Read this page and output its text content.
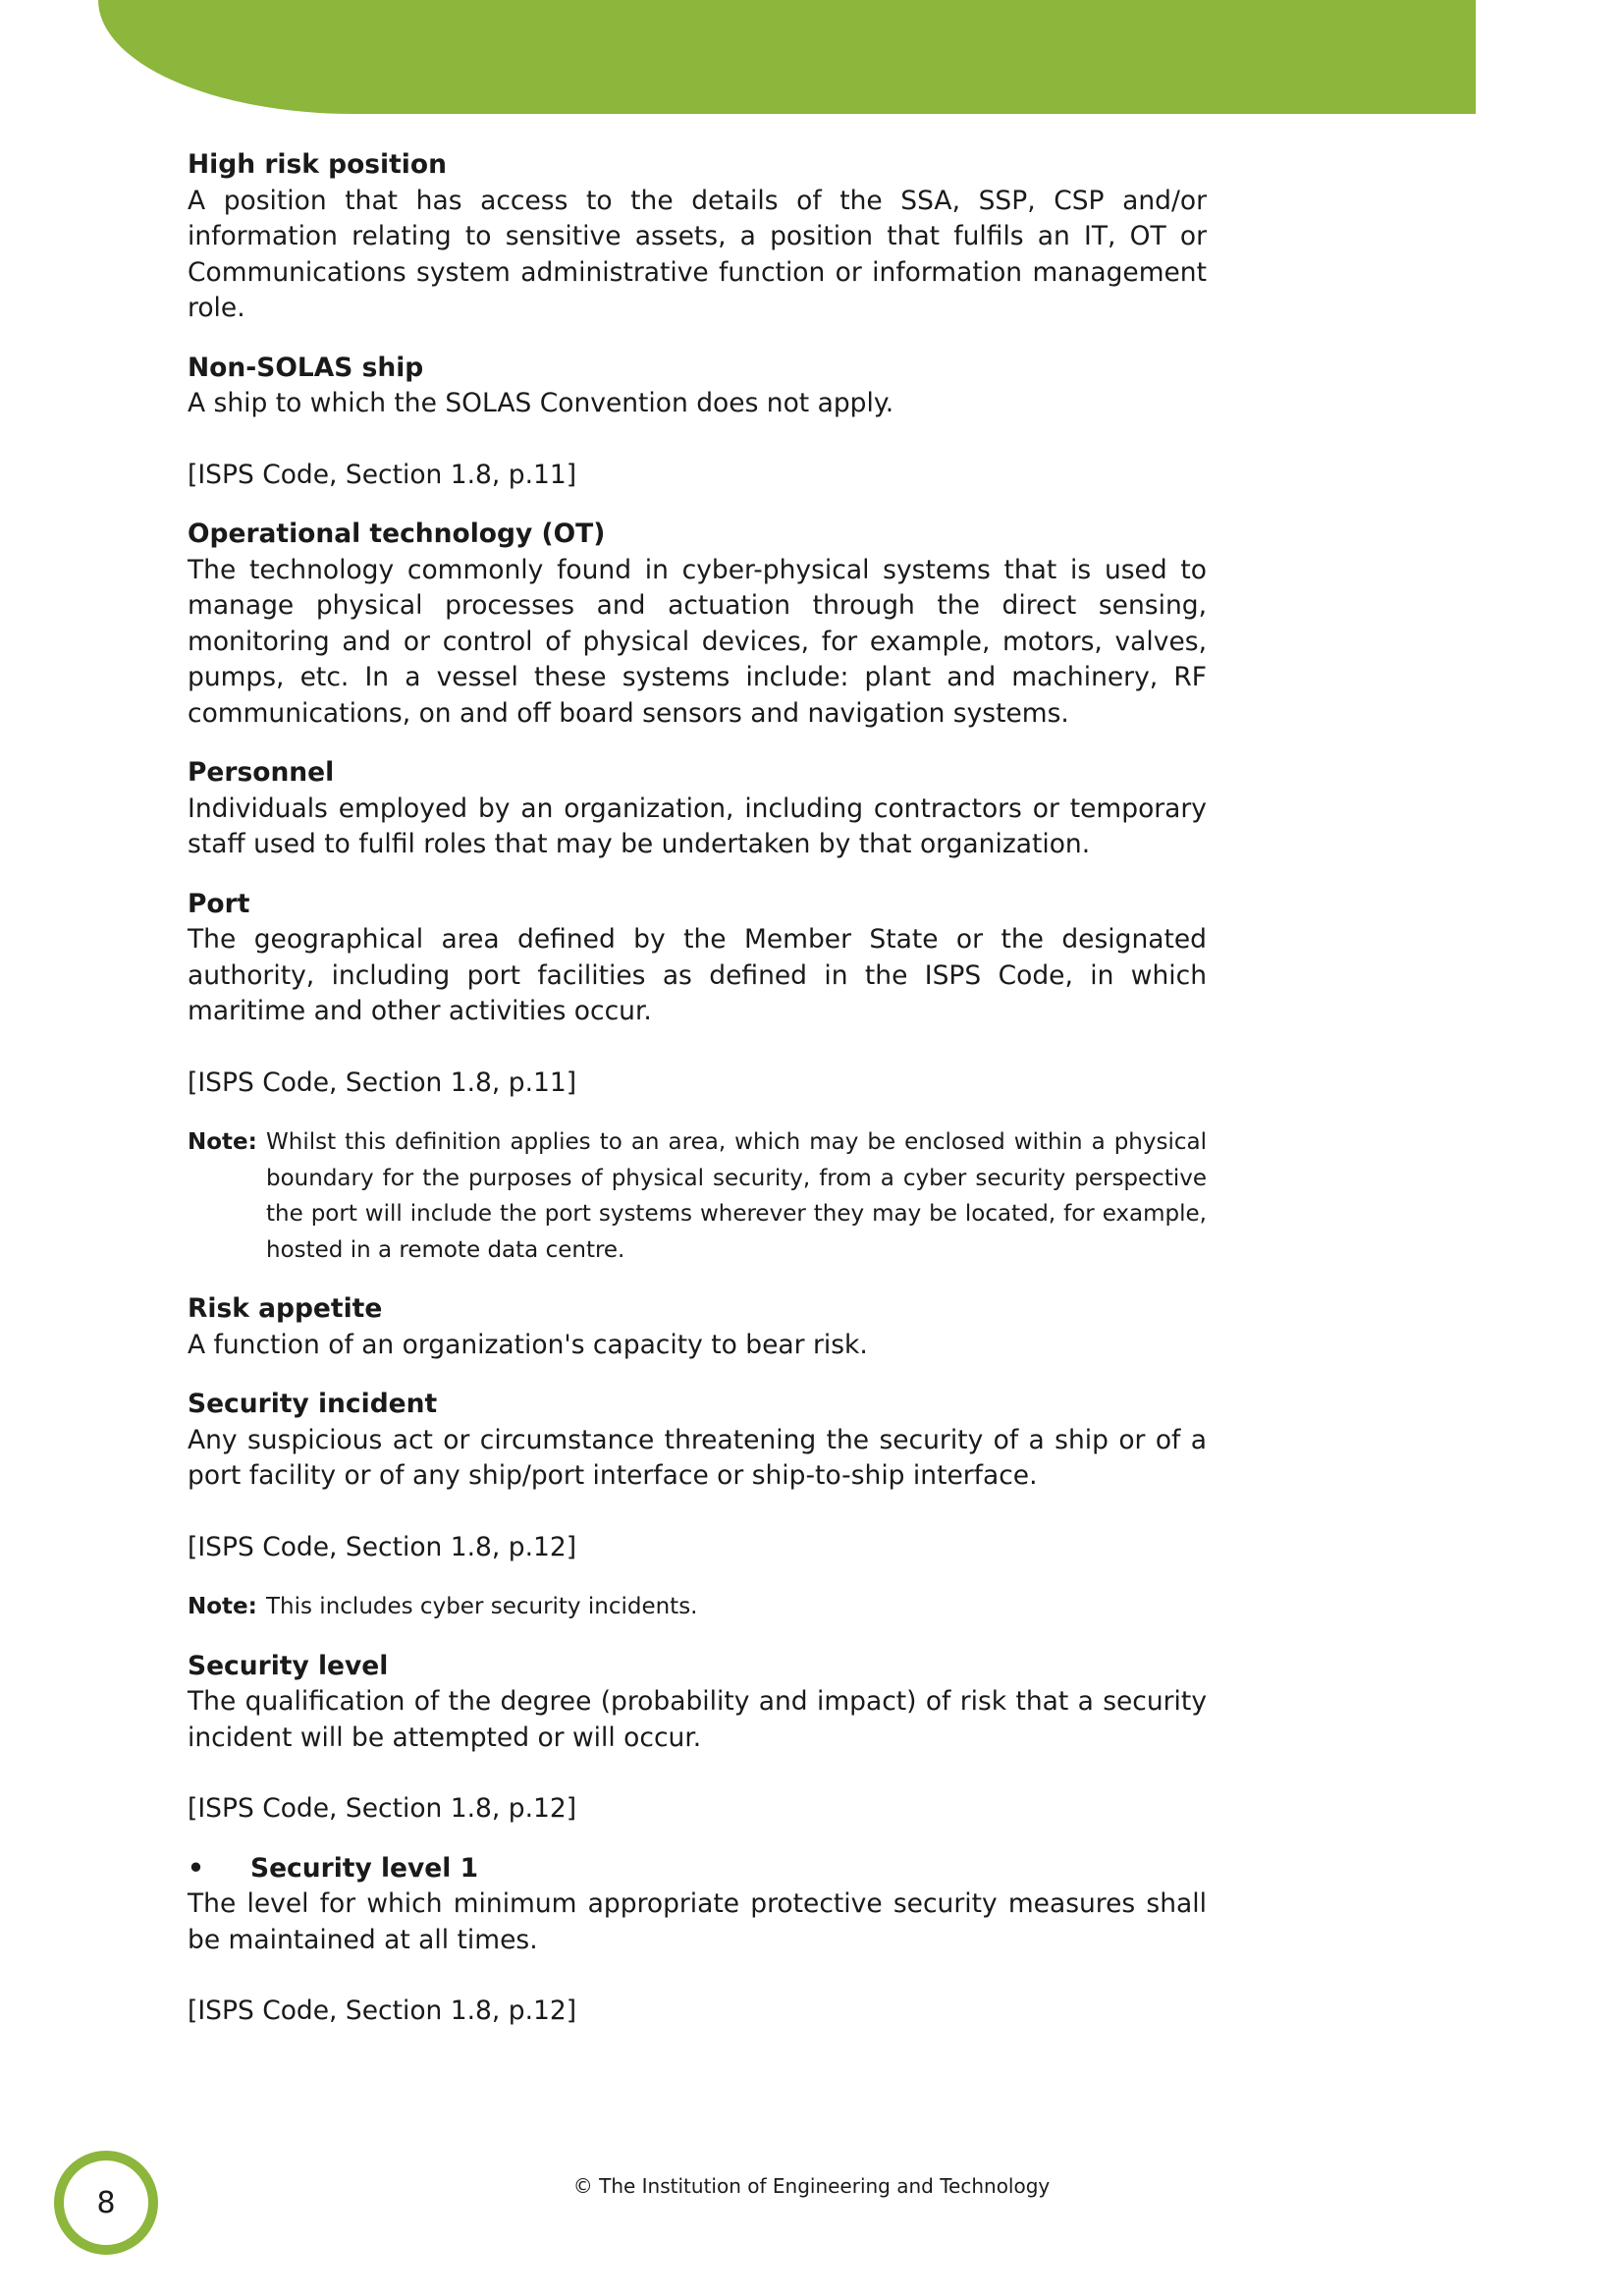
High risk position
A position that has access to the details of the SSA, SSP, CSP and/or information relating to sensitive assets, a position that fulfils an IT, OT or Communications system administrative function or information management role.
Non-SOLAS ship
A ship to which the SOLAS Convention does not apply.
[ISPS Code, Section 1.8, p.11]
Operational technology (OT)
The technology commonly found in cyber-physical systems that is used to manage physical processes and actuation through the direct sensing, monitoring and or control of physical devices, for example, motors, valves, pumps, etc. In a vessel these systems include: plant and machinery, RF communications, on and off board sensors and navigation systems.
Personnel
Individuals employed by an organization, including contractors or temporary staff used to fulfil roles that may be undertaken by that organization.
Port
The geographical area defined by the Member State or the designated authority, including port facilities as defined in the ISPS Code, in which maritime and other activities occur.
[ISPS Code, Section 1.8, p.11]
Note: Whilst this definition applies to an area, which may be enclosed within a physical boundary for the purposes of physical security, from a cyber security perspective the port will include the port systems wherever they may be located, for example, hosted in a remote data centre.
Risk appetite
A function of an organization's capacity to bear risk.
Security incident
Any suspicious act or circumstance threatening the security of a ship or of a port facility or of any ship/port interface or ship-to-ship interface.
[ISPS Code, Section 1.8, p.12]
Note: This includes cyber security incidents.
Security level
The qualification of the degree (probability and impact) of risk that a security incident will be attempted or will occur.
[ISPS Code, Section 1.8, p.12]
•	Security level 1
The level for which minimum appropriate protective security measures shall be maintained at all times.
[ISPS Code, Section 1.8, p.12]
8	© The Institution of Engineering and Technology
